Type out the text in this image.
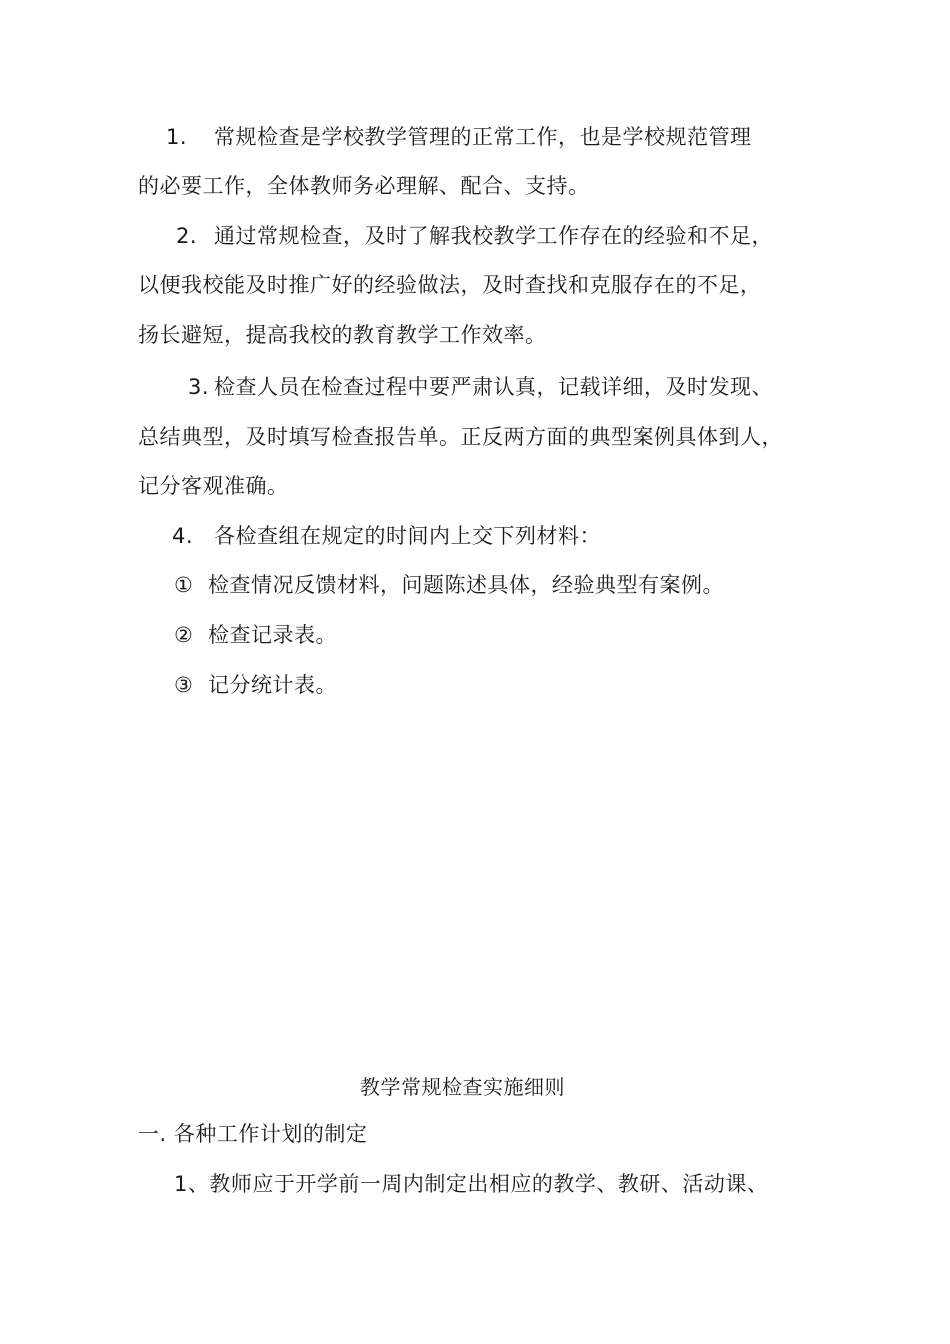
1. 常规检查是学校教学管理的正常工作，也是学校规范管理
的必要工作，全体教师务必理解、配合、支持。
2. 通过常规检查，及时了解我校教学工作存在的经验和不足，
以便我校能及时推广好的经验做法，及时查找和克服存在的不足，
扬长避短，提高我校的教育教学工作效率。
3. 检查人员在检查过程中要严肃认真，记载详细，及时发现、
总结典型，及时填写检查报告单。正反两方面的典型案例具体到人，
记分客观准确。
4. 各检查组在规定的时间内上交下列材料：
① 检查情况反馈材料，问题陈述具体，经验典型有案例。
② 检查记录表。
③ 记分统计表。
教学常规检查实施细则
一. 各种工作计划的制定
1、教师应于开学前一周内制定出相应的教学、教研、活动课、
